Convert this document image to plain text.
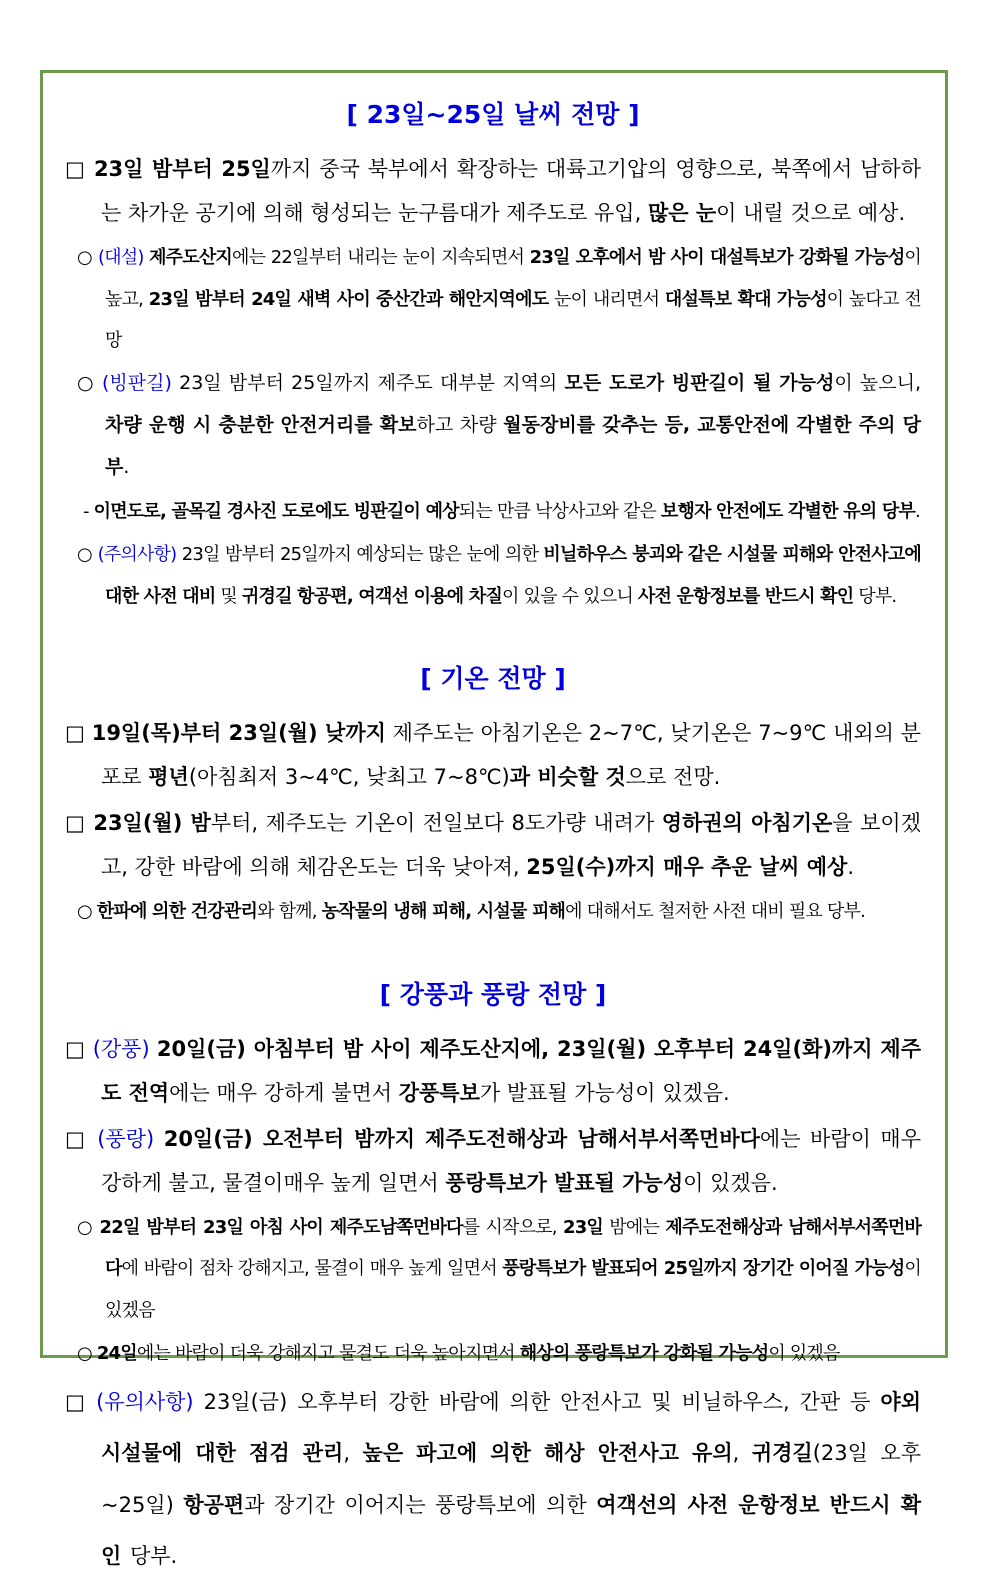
[ 23일~25일 날씨 전망 ]
□ 23일 밤부터 25일까지 중국 북부에서 확장하는 대륙고기압의 영향으로, 북쪽에서 남하하는 차가운 공기에 의해 형성되는 눈구름대가 제주도로 유입, 많은 눈이 내릴 것으로 예상.
○ (대설) 제주도산지에는 22일부터 내리는 눈이 지속되면서 23일 오후에서 밤 사이 대설특보가 강화될 가능성이 높고, 23일 밤부터 24일 새벽 사이 중산간과 해안지역에도 눈이 내리면서 대설특보 확대 가능성이 높다고 전망
○ (빙판길) 23일 밤부터 25일까지 제주도 대부분 지역의 모든 도로가 빙판길이 될 가능성이 높으니, 차량 운행 시 충분한 안전거리를 확보하고 차량 월동장비를 갖추는 등, 교통안전에 각별한 주의 당부.
- 이면도로, 골목길 경사진 도로에도 빙판길이 예상되는 만큼 낙상사고와 같은 보행자 안전에도 각별한 유의 당부.
○ (주의사항) 23일 밤부터 25일까지 예상되는 많은 눈에 의한 비닐하우스 붕괴와 같은 시설물 피해와 안전사고에 대한 사전 대비 및 귀경길 항공편, 여객선 이용에 차질이 있을 수 있으니 사전 운항정보를 반드시 확인 당부.
[ 기온 전망 ]
□ 19일(목)부터 23일(월) 낮까지 제주도는 아침기온은 2~7℃, 낮기온은 7~9℃ 내외의 분포로 평년(아침최저 3~4℃, 낮최고 7~8℃)과 비슷할 것으로 전망.
□ 23일(월) 밤부터, 제주도는 기온이 전일보다 8도가량 내려가 영하권의 아침기온을 보이겠고, 강한 바람에 의해 체감온도는 더욱 낮아져, 25일(수)까지 매우 추운 날씨 예상.
○ 한파에 의한 건강관리와 함께, 농작물의 냉해 피해, 시설물 피해에 대해서도 철저한 사전 대비 필요 당부.
[ 강풍과 풍랑 전망 ]
□ (강풍) 20일(금) 아침부터 밤 사이 제주도산지에, 23일(월) 오후부터 24일(화)까지 제주도 전역에는 매우 강하게 불면서 강풍특보가 발표될 가능성이 있겠음.
□ (풍랑) 20일(금) 오전부터 밤까지 제주도전해상과 남해서부서쪽먼바다에는 바람이 매우 강하게 불고, 물결이매우 높게 일면서 풍랑특보가 발표될 가능성이 있겠음.
○ 22일 밤부터 23일 아침 사이 제주도남쪽먼바다를 시작으로, 23일 밤에는 제주도전해상과 남해서부서쪽먼바다에 바람이 점차 강해지고, 물결이 매우 높게 일면서 풍랑특보가 발표되어 25일까지 장기간 이어질 가능성이 있겠음
○ 24일에는 바람이 더욱 강해지고 물결도 더욱 높아지면서 해상의 풍랑특보가 강화될 가능성이 있겠음
□ (유의사항) 23일(금) 오후부터 강한 바람에 의한 안전사고 및 비닐하우스, 간판 등 야외 시설물에 대한 점검 관리, 높은 파고에 의한 해상 안전사고 유의, 귀경길(23일 오후~25일) 항공편과 장기간 이어지는 풍랑특보에 의한 여객선의 사전 운항정보 반드시 확인 당부.
